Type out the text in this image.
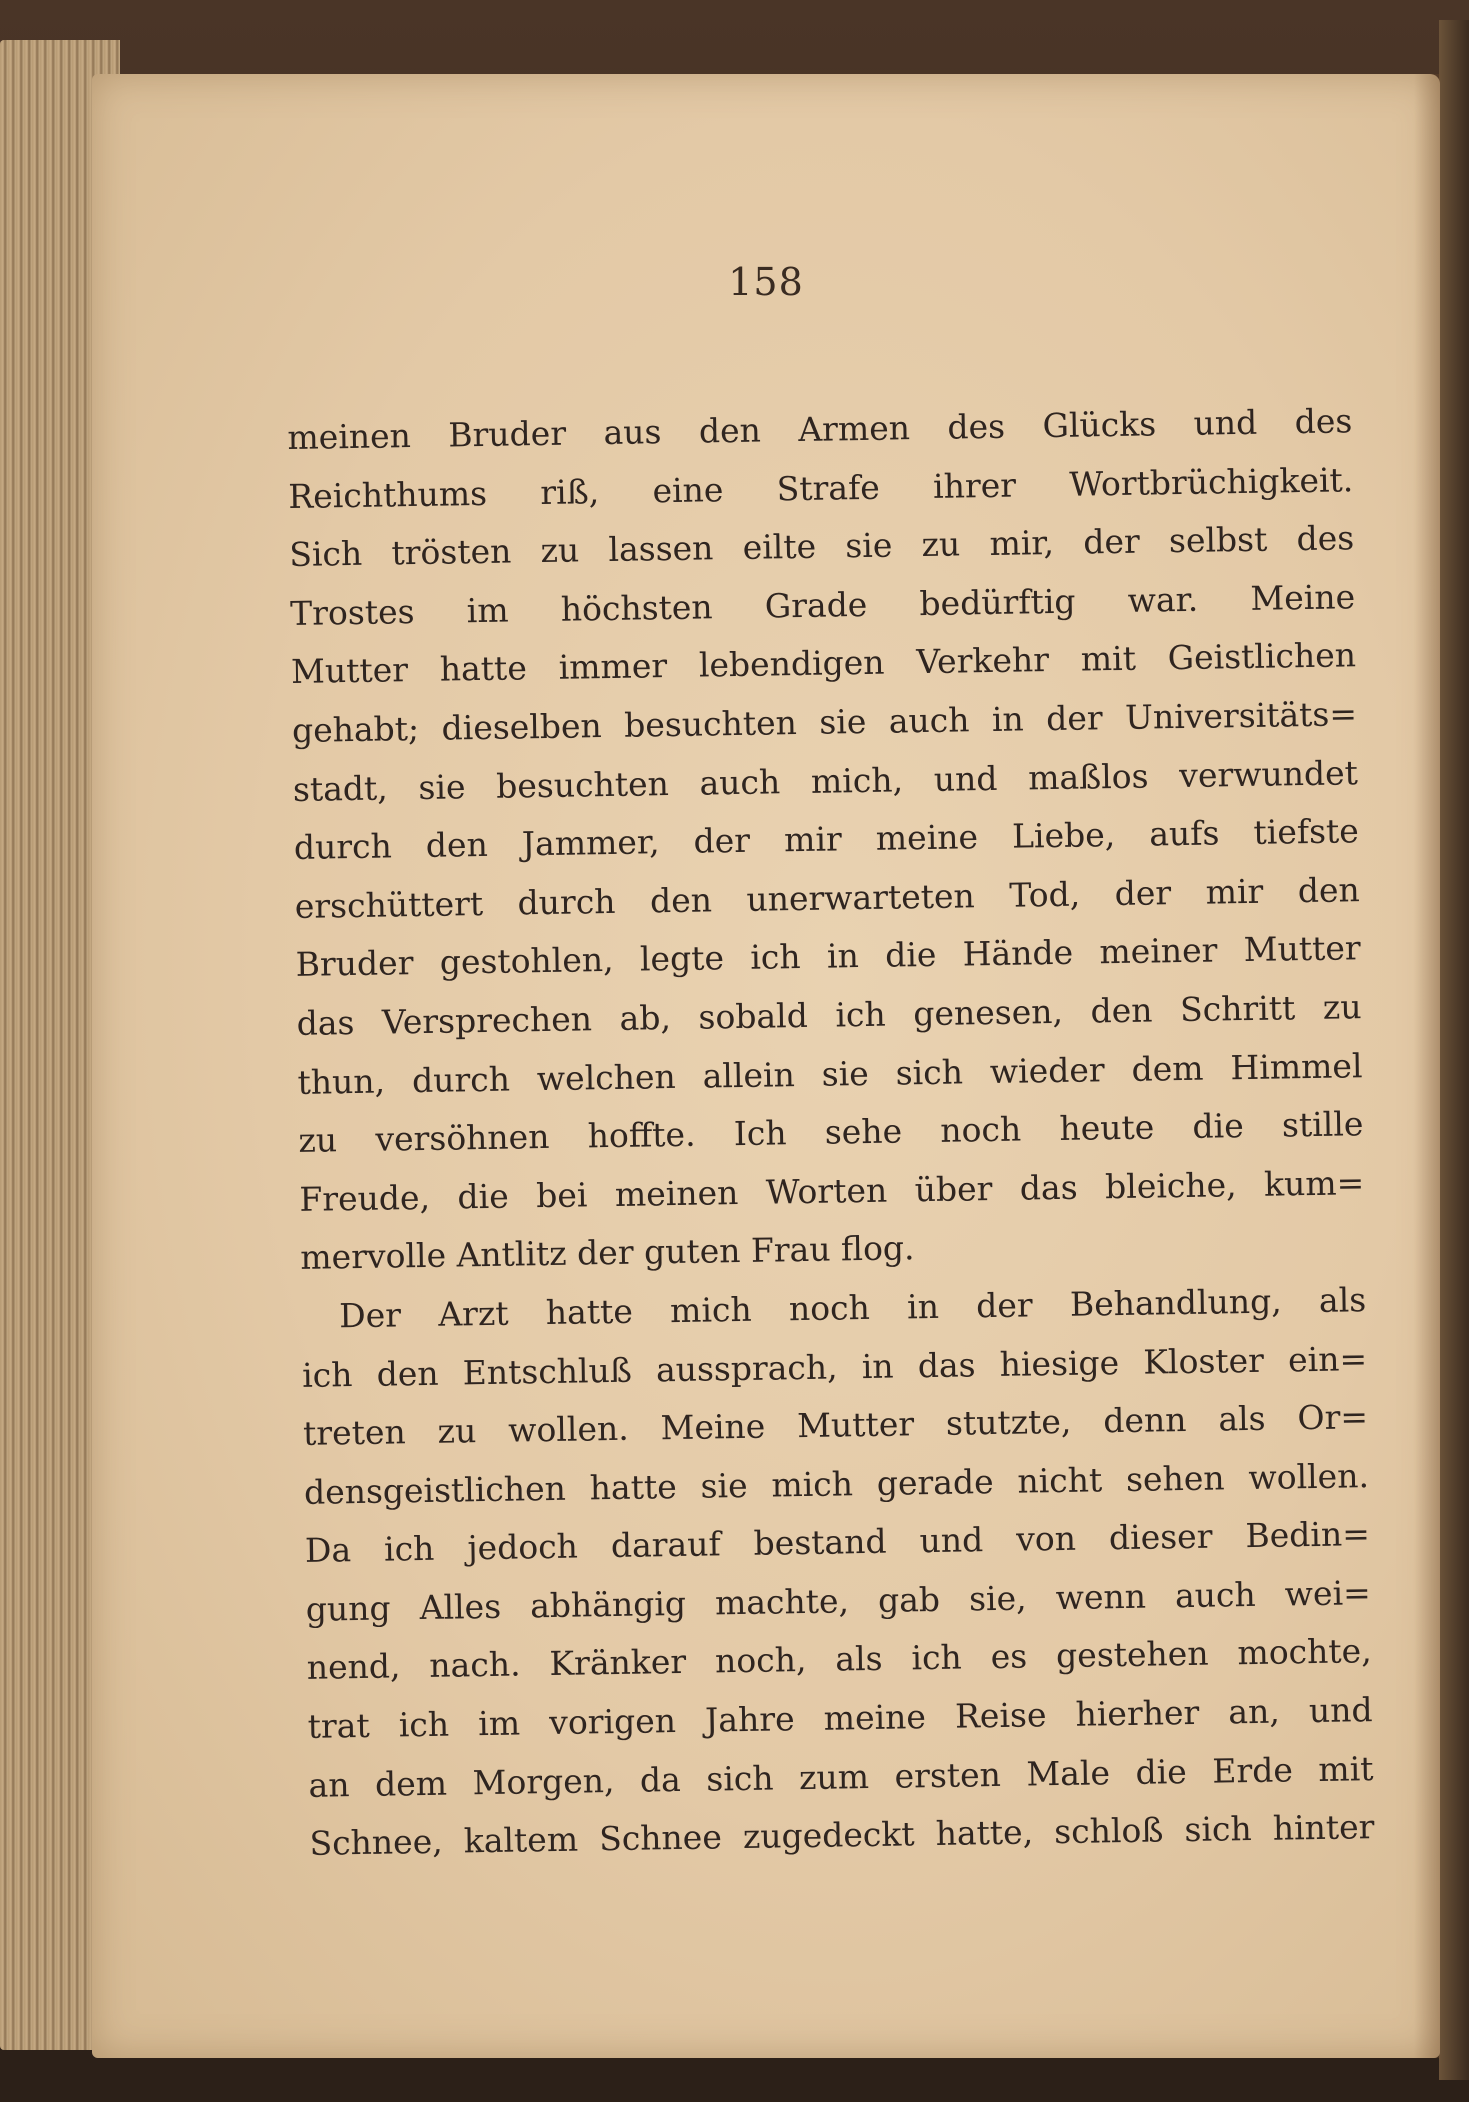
158
meinen Bruder aus den Armen des Glücks und des
Reichthums riß, eine Strafe ihrer Wortbrüchigkeit.
Sich trösten zu lassen eilte sie zu mir, der selbst des
Trostes im höchsten Grade bedürftig war. Meine
Mutter hatte immer lebendigen Verkehr mit Geistlichen
gehabt; dieselben besuchten sie auch in der Universitäts=
stadt, sie besuchten auch mich, und maßlos verwundet
durch den Jammer, der mir meine Liebe, aufs tiefste
erschüttert durch den unerwarteten Tod, der mir den
Bruder gestohlen, legte ich in die Hände meiner Mutter
das Versprechen ab, sobald ich genesen, den Schritt zu
thun, durch welchen allein sie sich wieder dem Himmel
zu versöhnen hoffte. Ich sehe noch heute die stille
Freude, die bei meinen Worten über das bleiche, kum=
mervolle Antlitz der guten Frau flog.
Der Arzt hatte mich noch in der Behandlung, als
ich den Entschluß aussprach, in das hiesige Kloster ein=
treten zu wollen. Meine Mutter stutzte, denn als Or=
densgeistlichen hatte sie mich gerade nicht sehen wollen.
Da ich jedoch darauf bestand und von dieser Bedin=
gung Alles abhängig machte, gab sie, wenn auch wei=
nend, nach. Kränker noch, als ich es gestehen mochte,
trat ich im vorigen Jahre meine Reise hierher an, und
an dem Morgen, da sich zum ersten Male die Erde mit
Schnee, kaltem Schnee zugedeckt hatte, schloß sich hinter
